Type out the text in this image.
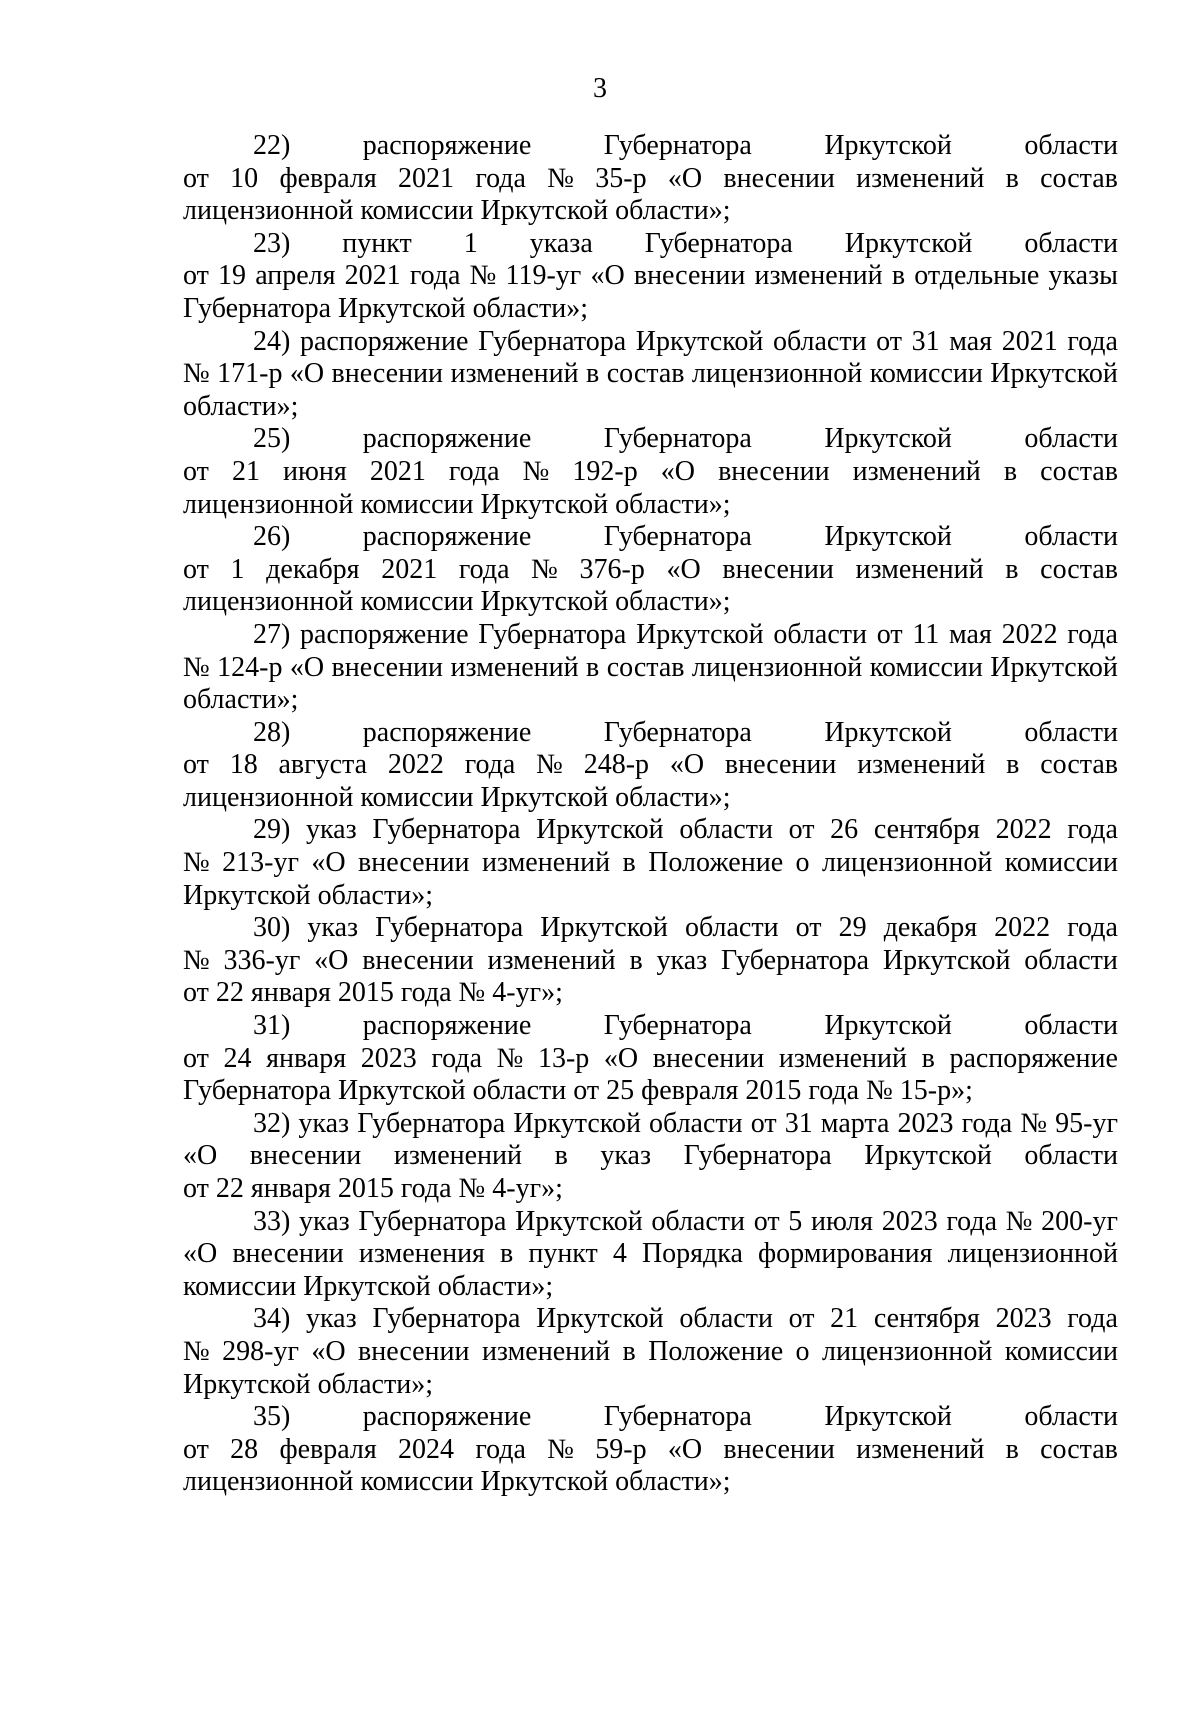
3
22)	распоряжение	Губернатора	Иркутской	области
от 10 февраля 2021 года № 35-р «О внесении изменений в состав
лицензионной комиссии Иркутской области»;
23) пункт 1 указа Губернатора Иркутской области
от 19 апреля 2021 года № 119-уг «О внесении изменений в отдельные указы
Губернатора Иркутской области»;
24) распоряжение Губернатора Иркутской области от 31 мая 2021 года
№ 171-р «О внесении изменений в состав лицензионной комиссии Иркутской
области»;
25)	распоряжение	Губернатора	Иркутской	области
от 21 июня 2021 года № 192-р «О внесении изменений в состав
лицензионной комиссии Иркутской области»;
26)	распоряжение	Губернатора	Иркутской	области
от 1 декабря 2021 года № 376-р «О внесении изменений в состав
лицензионной комиссии Иркутской области»;
27) распоряжение Губернатора Иркутской области от 11 мая 2022 года
№ 124-р «О внесении изменений в состав лицензионной комиссии Иркутской
области»;
28)	распоряжение	Губернатора	Иркутской	области
от 18 августа 2022 года № 248-р «О внесении изменений в состав
лицензионной комиссии Иркутской области»;
29) указ Губернатора Иркутской области от 26 сентября 2022 года
№ 213-уг «О внесении изменений в Положение о лицензионной комиссии
Иркутской области»;
30) указ Губернатора Иркутской области от 29 декабря 2022 года
№ 336-уг «О внесении изменений в указ Губернатора Иркутской области
от 22 января 2015 года № 4-уг»;
31)	распоряжение	Губернатора	Иркутской	области
от 24 января 2023 года № 13-р «О внесении изменений в распоряжение
Губернатора Иркутской области от 25 февраля 2015 года № 15-р»;
32) указ Губернатора Иркутской области от 31 марта 2023 года № 95-уг
«О внесении изменений в указ Губернатора Иркутской области
от 22 января 2015 года № 4-уг»;
33) указ Губернатора Иркутской области от 5 июля 2023 года № 200-уг
«О внесении изменения в пункт 4 Порядка формирования лицензионной
комиссии Иркутской области»;
34) указ Губернатора Иркутской области от 21 сентября 2023 года
№ 298-уг «О внесении изменений в Положение о лицензионной комиссии
Иркутской области»;
35)	распоряжение	Губернатора	Иркутской	области
от 28 февраля 2024 года № 59-р «О внесении изменений в состав
лицензионной комиссии Иркутской области»;
